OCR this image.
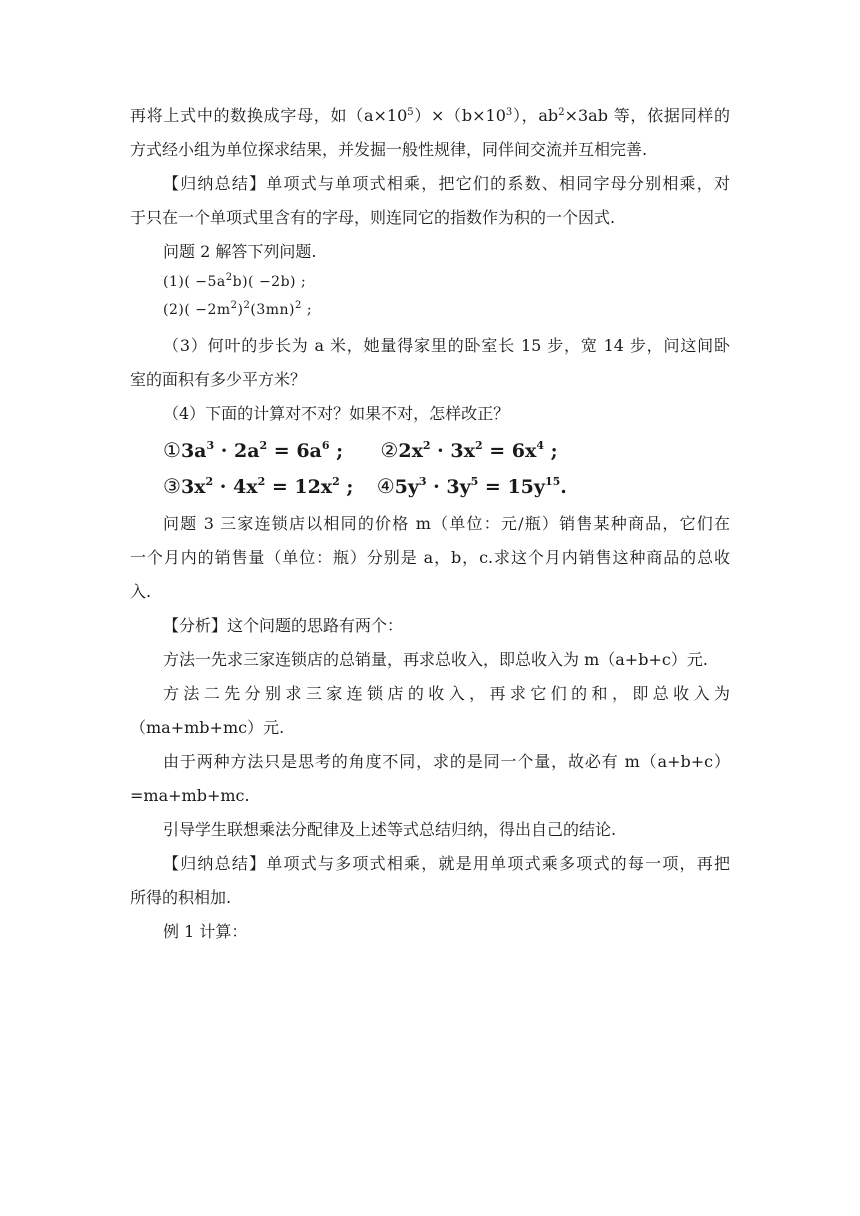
再将上式中的数换成字母，如$(a\times 10^5)\times(b\times 10^3)$，$ab^2\times 3ab$ 等，依据同样的
方式经小组为单位探求结果，并发掘一般性规律，同伴间交流并互相完善.
【归纳总结】单项式与单项式相乘，把它们的系数、相同字母分别相乘，对
于只在一个单项式里含有的字母，则连同它的指数作为积的一个因式.
问题 2 解答下列问题.
$(1)( -5a^2b)( -2b)$ ;
$(2)( -2m^2)^2(3mn)^2$ ;
（3）何叶的步长为 a 米，她量得家里的卧室长 15 步，宽 14 步，问这间卧
室的面积有多少平方米？
（4）下面的计算对不对？如果不对，怎样改正？
$①3a^3 \cdot 2a^2 = 6a^6$ ; $②2x^2 \cdot 3x^2 = 6x^4$ ;
$③3x^2 \cdot 4x^2 = 12x^2$ ; $④5y^3 \cdot 3y^5 = 15y^{15}$.
问题 3 三家连锁店以相同的价格 m（单位：元/瓶）销售某种商品，它们在
一个月内的销售量（单位：瓶）分别是 a，b，c.求这个月内销售这种商品的总收
入.
【分析】这个问题的思路有两个：
方法一先求三家连锁店的总销量，再求总收入，即总收入为 m（a+b+c）元.
方法二先分别求三家连锁店的收入，再求它们的和，即总收入为
（ma+mb+mc）元.
由于两种方法只是思考的角度不同，求的是同一个量，故必有 m（a+b+c）
=ma+mb+mc.
引导学生联想乘法分配律及上述等式总结归纳，得出自己的结论.
【归纳总结】单项式与多项式相乘，就是用单项式乘多项式的每一项，再把
所得的积相加.
例 1 计算：
